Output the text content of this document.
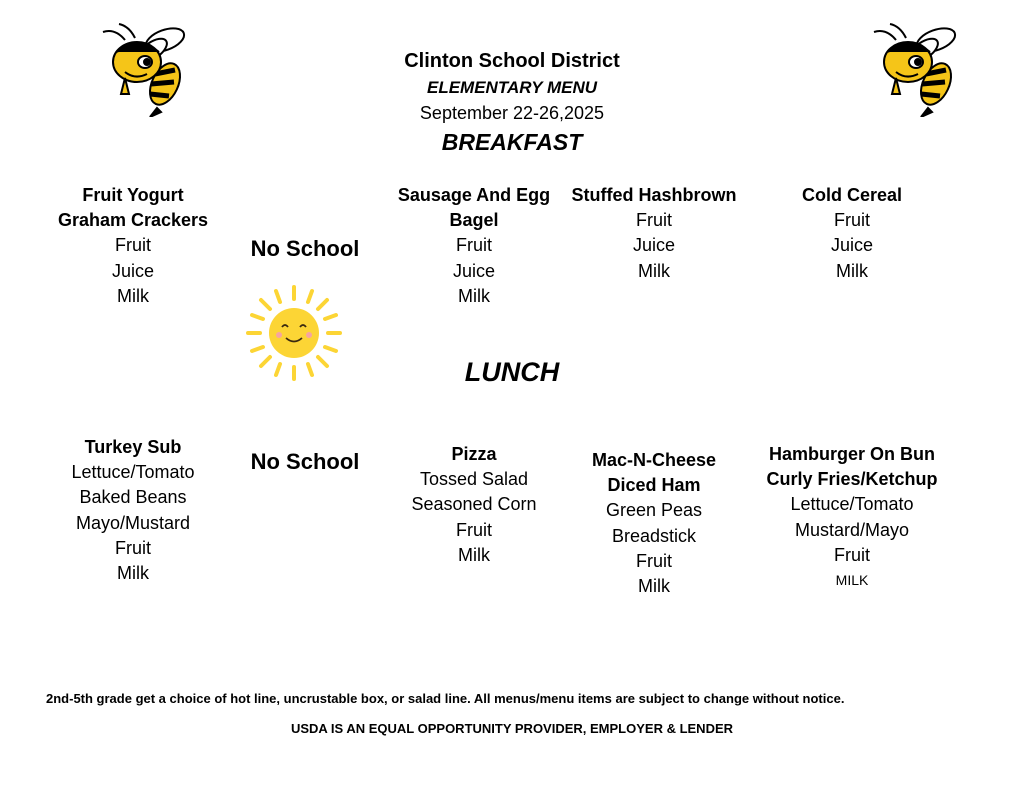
Clinton School District
ELEMENTARY MENU
September 22-26,2025
BREAKFAST
Fruit Yogurt
Graham Crackers
Fruit
Juice
Milk
No School
Sausage And Egg
Bagel
Fruit
Juice
Milk
Stuffed Hashbrown
Fruit
Juice
Milk
Cold Cereal
Fruit
Juice
Milk
LUNCH
Turkey Sub
Lettuce/Tomato
Baked Beans
Mayo/Mustard
Fruit
Milk
No School	Pizza
Tossed Salad
Seasoned Corn
Fruit
Milk
Mac-N-Cheese
Diced Ham
Green Peas
Breadstick
Fruit
Milk
Hamburger On Bun
Curly Fries/Ketchup
Lettuce/Tomato
Mustard/Mayo
Fruit
MILK
2nd-5th grade get a choice of hot line, uncrustable box, or salad line. All menus/menu items are subject to change without notice.
USDA IS AN EQUAL OPPORTUNITY PROVIDER, EMPLOYER & LENDER
